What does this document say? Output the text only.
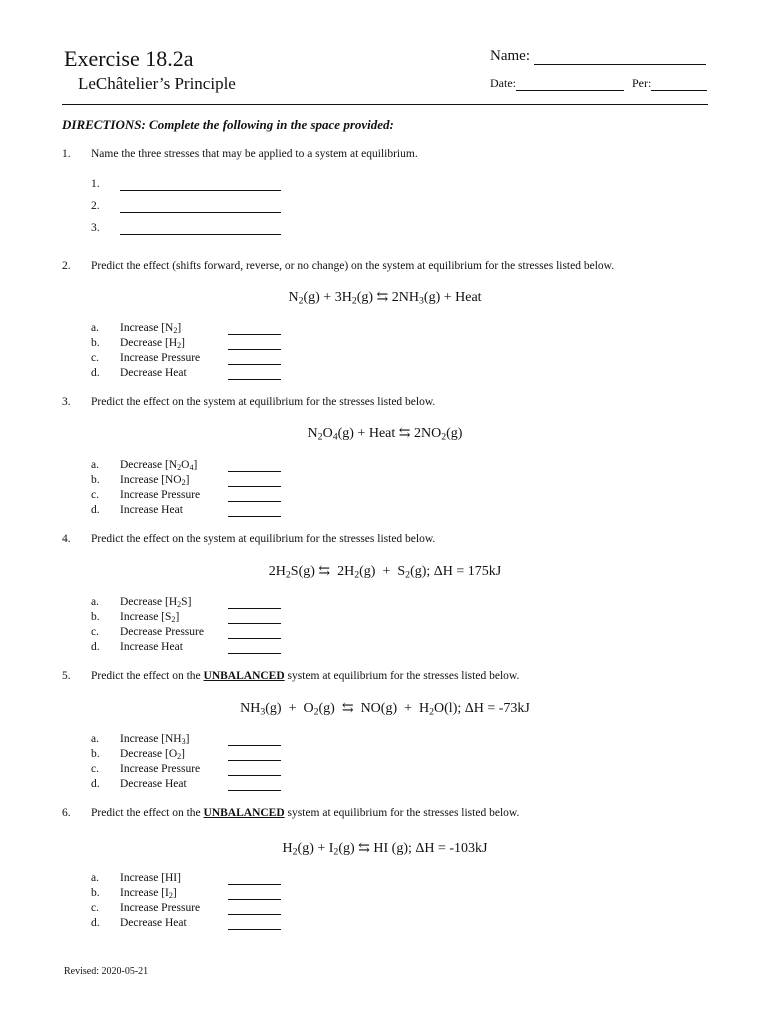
Exercise 18.2a
LeChâtelier’s Principle
Name:
Date:	Per:
DIRECTIONS: Complete the following in the space provided:
1. Name the three stresses that may be applied to a system at equilibrium.
1.
2.
3.
2. Predict the effect (shifts forward, reverse, or no change) on the system at equilibrium for the stresses listed below.
$N_2(g) + 3H_2(g)$ ⇆ $2NH_3(g)$ + Heat
a. Increase $[N_2]$
b. Decrease $[H_2]$
c. Increase Pressure
d. Decrease Heat
3. Predict the effect on the system at equilibrium for the stresses listed below.
$N_2O_4(g)$ + Heat ⇆ $2NO_2(g)$
a. Decrease $[N_2O_4]$
b. Increase $[NO_2]$
c. Increase Pressure
d. Increase Heat
4. Predict the effect on the system at equilibrium for the stresses listed below.
$2H_2S(g)$ ⇆  $2H_2(g) + S_2(g)$; ΔH = 175kJ
a. Decrease $[H_2S]$
b. Increase $[S_2]$
c. Decrease Pressure
d. Increase Heat
5. Predict the effect on the UNBALANCED system at equilibrium for the stresses listed below.
$NH_3(g) + O_2(g)$  ⇆  $NO(g) + H_2O(l)$; ΔH = -73kJ
a. Increase $[NH_3]$
b. Decrease $[O_2]$
c. Increase Pressure
d. Decrease Heat
6. Predict the effect on the UNBALANCED system at equilibrium for the stresses listed below.
$H_2(g) + I_2(g)$ ⇆ HI (g); ΔH = -103kJ
a. Increase [HI]
b. Increase $[I_2]$
c. Increase Pressure
d. Decrease Heat
Revised: 2020-05-21
